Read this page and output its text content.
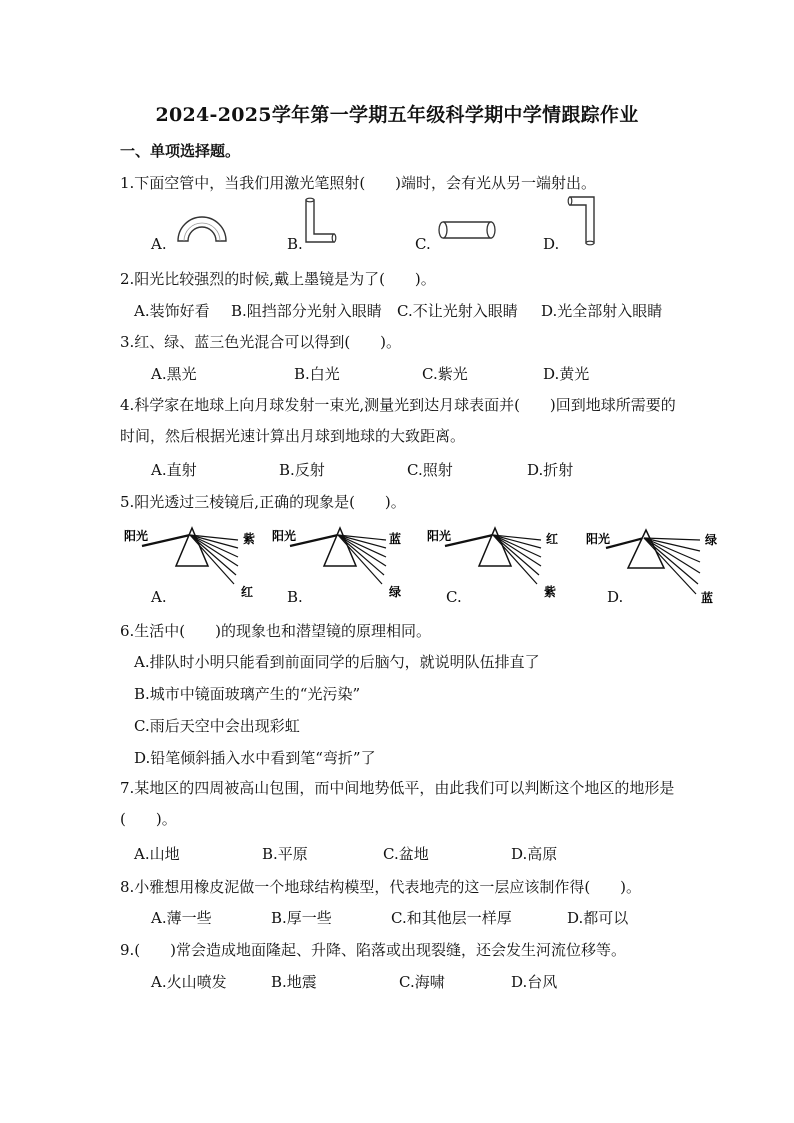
2024-2025学年第一学期五年级科学期中学情跟踪作业
一、单项选择题。
1.下面空管中，当我们用激光笔照射(　　)端时，会有光从另一端射出。
A.	B.	C.	D.
2.阳光比较强烈的时候,戴上墨镜是为了(　　)。
A.装饰好看 B.阻挡部分光射入眼睛 C.不让光射入眼睛 D.光全部射入眼睛
3.红、绿、蓝三色光混合可以得到(　　)。
A.黑光	B.白光	C.紫光	D.黄光
4.科学家在地球上向月球发射一束光,测量光到达月球表面并(　　)回到地球所需要的时间，然后根据光速计算出月球到地球的大致距离。
A.直射	B.反射	C.照射	D.折射
5.阳光透过三棱镜后,正确的现象是(　　)。
阳光	紫
红
A.
阳光	蓝
绿
B.
阳光	红
紫
C.
阳光	绿
蓝
D.
6.生活中(　　)的现象也和潜望镜的原理相同。
A.排队时小明只能看到前面同学的后脑勺，就说明队伍排直了
B.城市中镜面玻璃产生的“光污染”
C.雨后天空中会出现彩虹
D.铅笔倾斜插入水中看到笔“弯折”了
7.某地区的四周被高山包围，而中间地势低平，由此我们可以判断这个地区的地形是(　　)。
A.山地	B.平原	C.盆地	D.高原
8.小雅想用橡皮泥做一个地球结构模型，代表地壳的这一层应该制作得(　　)。
A.薄一些	B.厚一些	C.和其他层一样厚	D.都可以
9.(　　)常会造成地面隆起、升降、陷落或出现裂缝，还会发生河流位移等。
A.火山喷发	B.地震	C.海啸	D.台风
